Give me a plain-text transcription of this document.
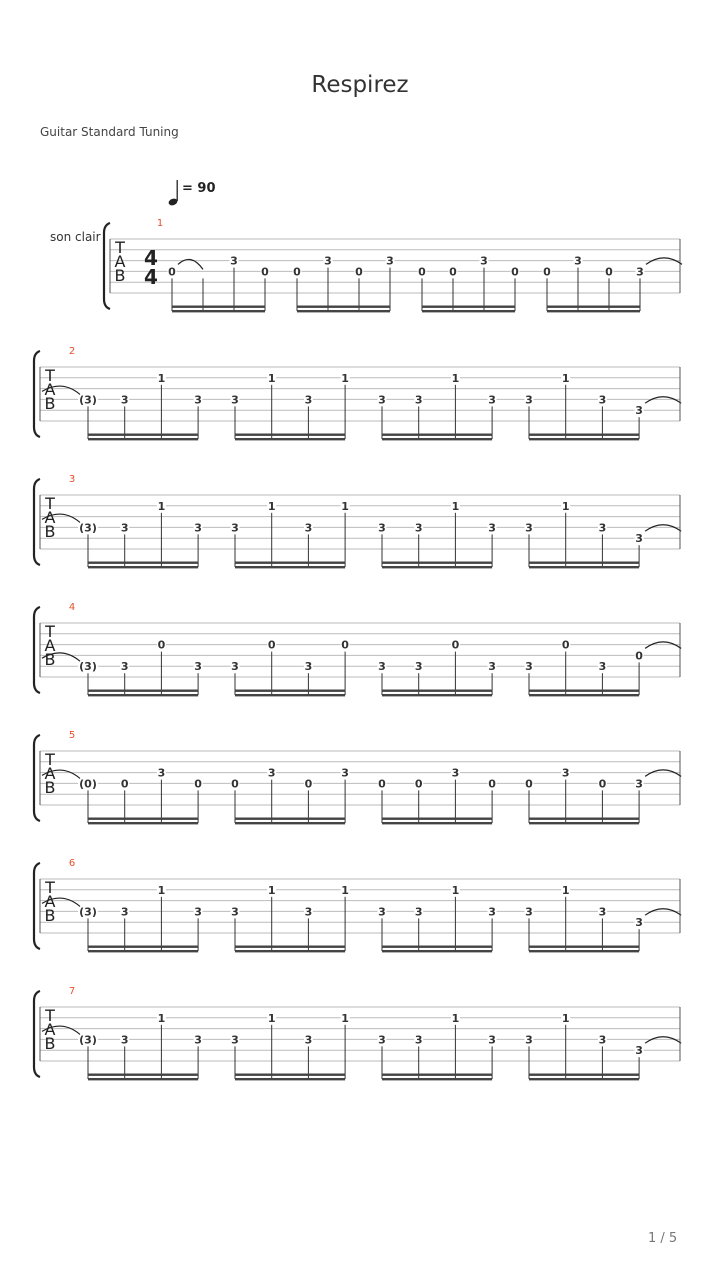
Respirez
Guitar Standard Tuning
= 90
son clair
T
A
B
4
4
1
0
3
0 0
3
0
3
0 0
3
0 0
3
0 3
T
A
B
2
(3) 3
1
3	3
1
3
1
3	3
1
3	3
1
3
3
T
A
B
3
(3) 3
1
3	3
1
3
1
3	3
1
3	3
1
3
3
T
A
B
4
(3) 3
0
3	3
0
3
0
3	3
0
3	3
0
3
0
T
A
B
5
(0) 0
3
0	0
3
0
3
0	0
3
0	0
3
0	3
T
A
B
6
(3) 3
1
3	3
1
3
1
3	3
1
3	3
1
3
3
T
A
B
7
(3) 3
1
3	3
1
3
1
3	3
1
3	3
1
3
3
1 / 5
